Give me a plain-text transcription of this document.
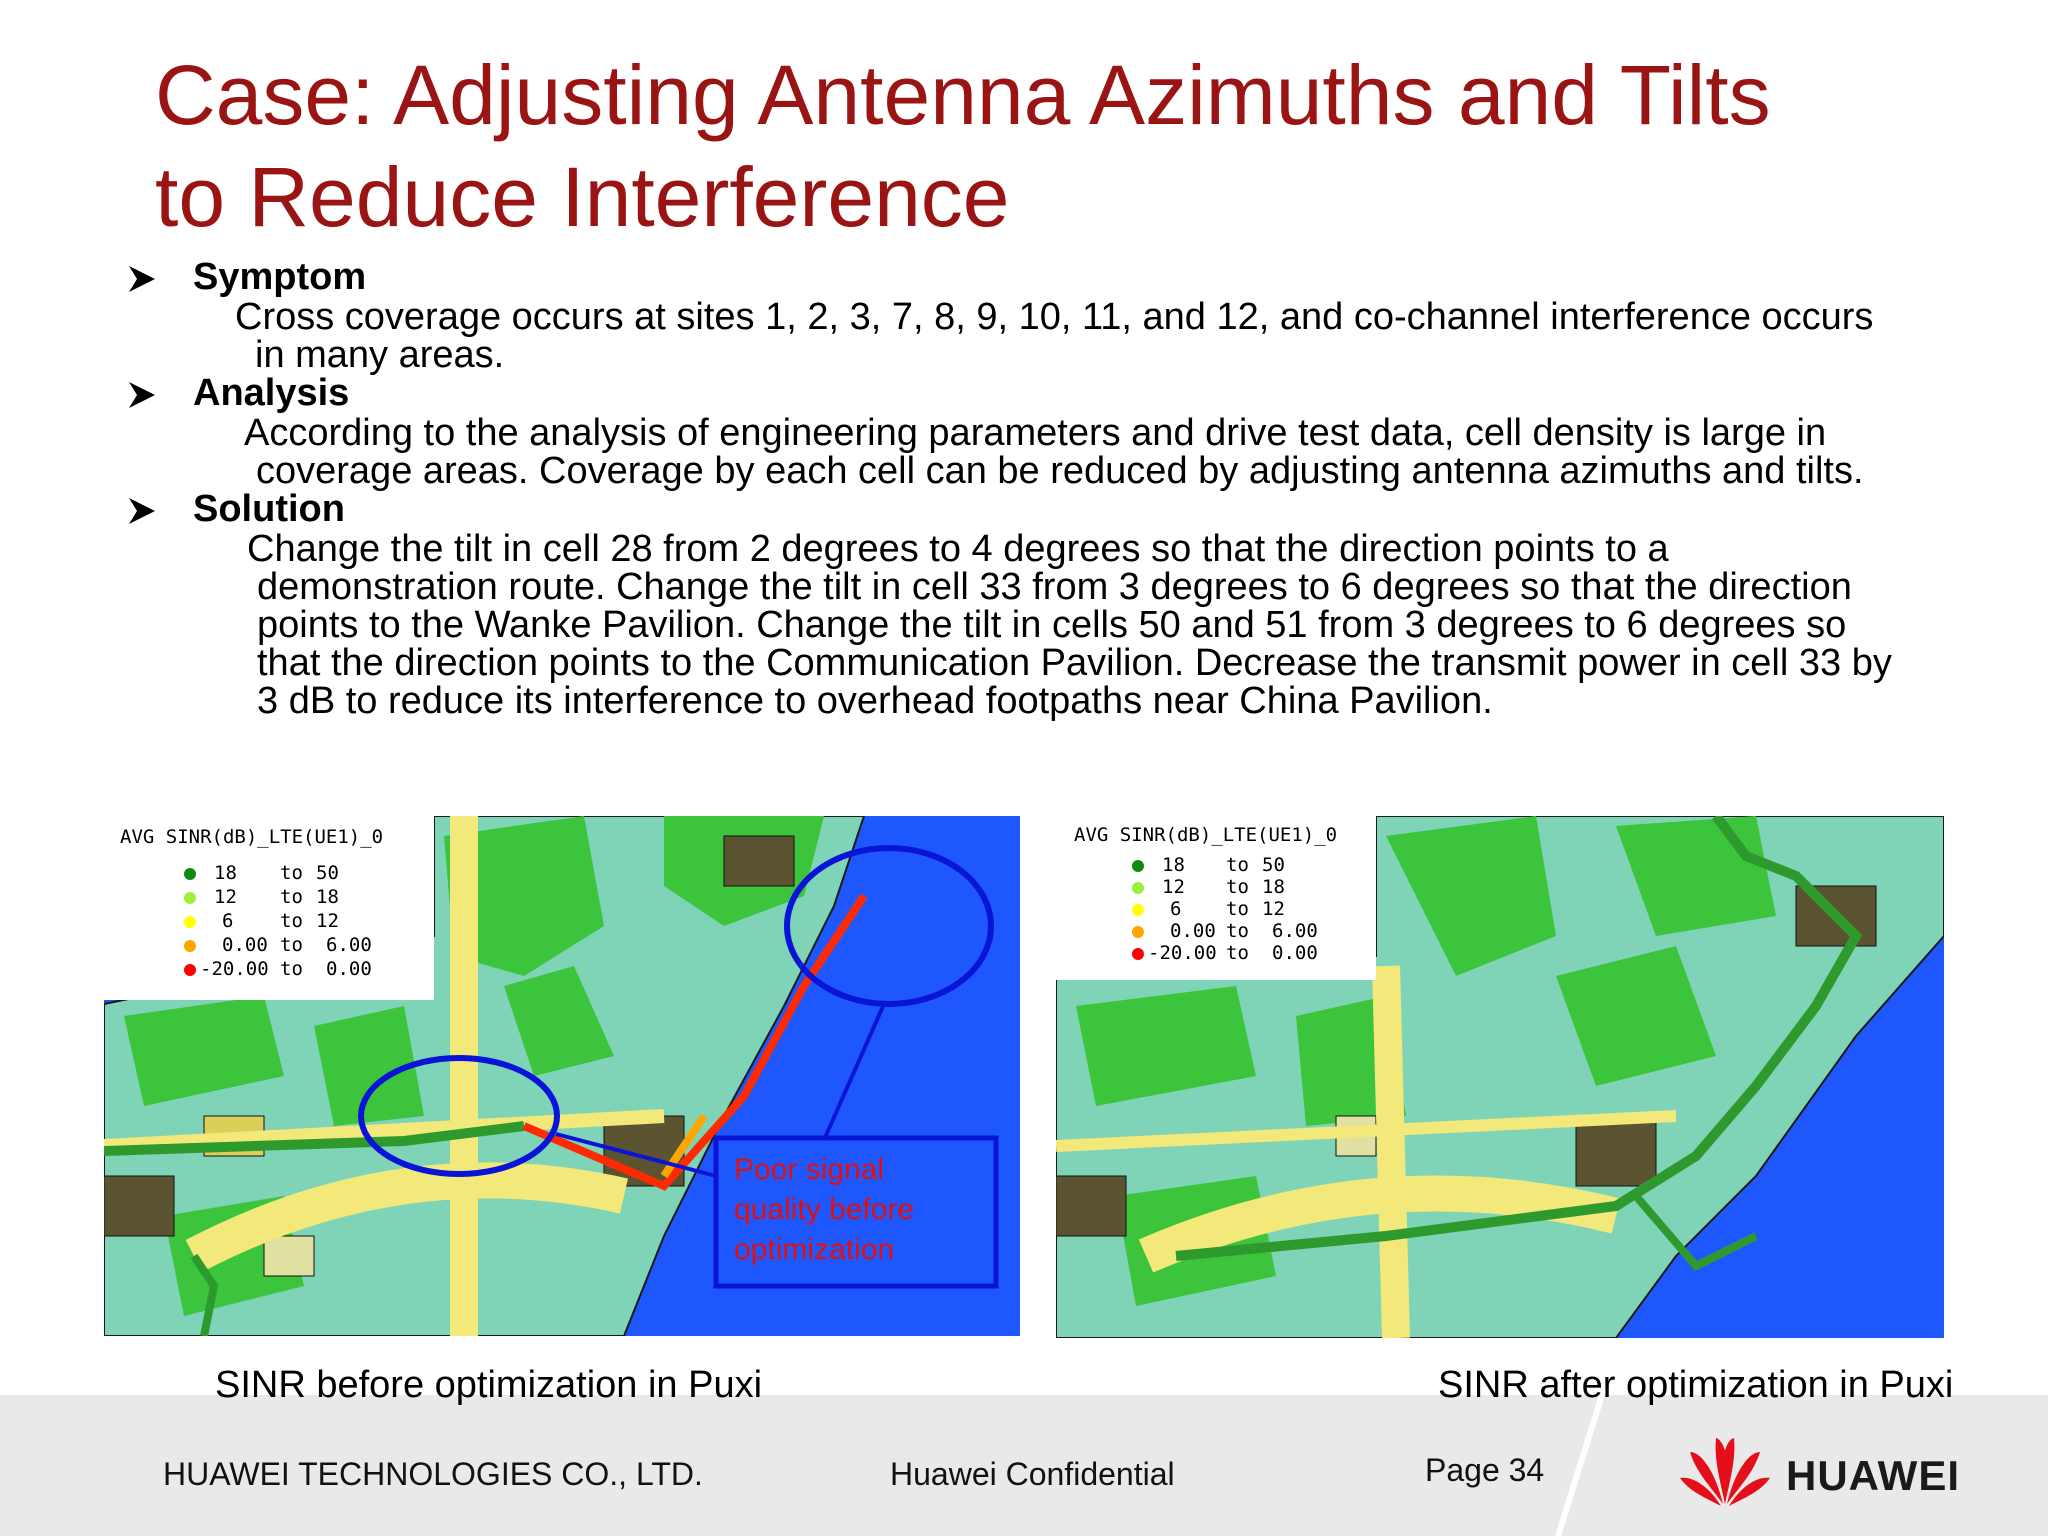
Case: Adjusting Antenna Azimuths and Tilts
to Reduce Interference
Symptom
Cross coverage occurs at sites 1, 2, 3, 7, 8, 9, 10, 11, and 12, and co-channel interference occurs
in many areas.
Analysis
According to the analysis of engineering parameters and drive test data, cell density is large in
coverage areas. Coverage by each cell can be reduced by adjusting antenna azimuths and tilts.
Solution
Change the tilt in cell 28 from 2 degrees to 4 degrees so that the direction points to a
demonstration route. Change the tilt in cell 33 from 3 degrees to 6 degrees so that the direction
points to the Wanke Pavilion. Change the tilt in cells 50 and 51 from 3 degrees to 6 degrees so
that the direction points to the Communication Pavilion. Decrease the transmit power in cell 33 by
3 dB to reduce its interference to overhead footpaths near China Pavilion.
Poor signal
quality before
optimization
AVG SINR(dB)_LTE(UE1)_0
18 to 50
12 to 18
6 to 12
0.00 to 6.00
-20.00 to 0.00
AVG SINR(dB)_LTE(UE1)_0
18 to 50
12 to 18
6 to 12
0.00 to 6.00
-20.00 to 0.00
SINR before optimization in Puxi	SINR after optimization in Puxi
HUAWEI TECHNOLOGIES CO., LTD.	Huawei Confidential	Page 34	HUAWEI
